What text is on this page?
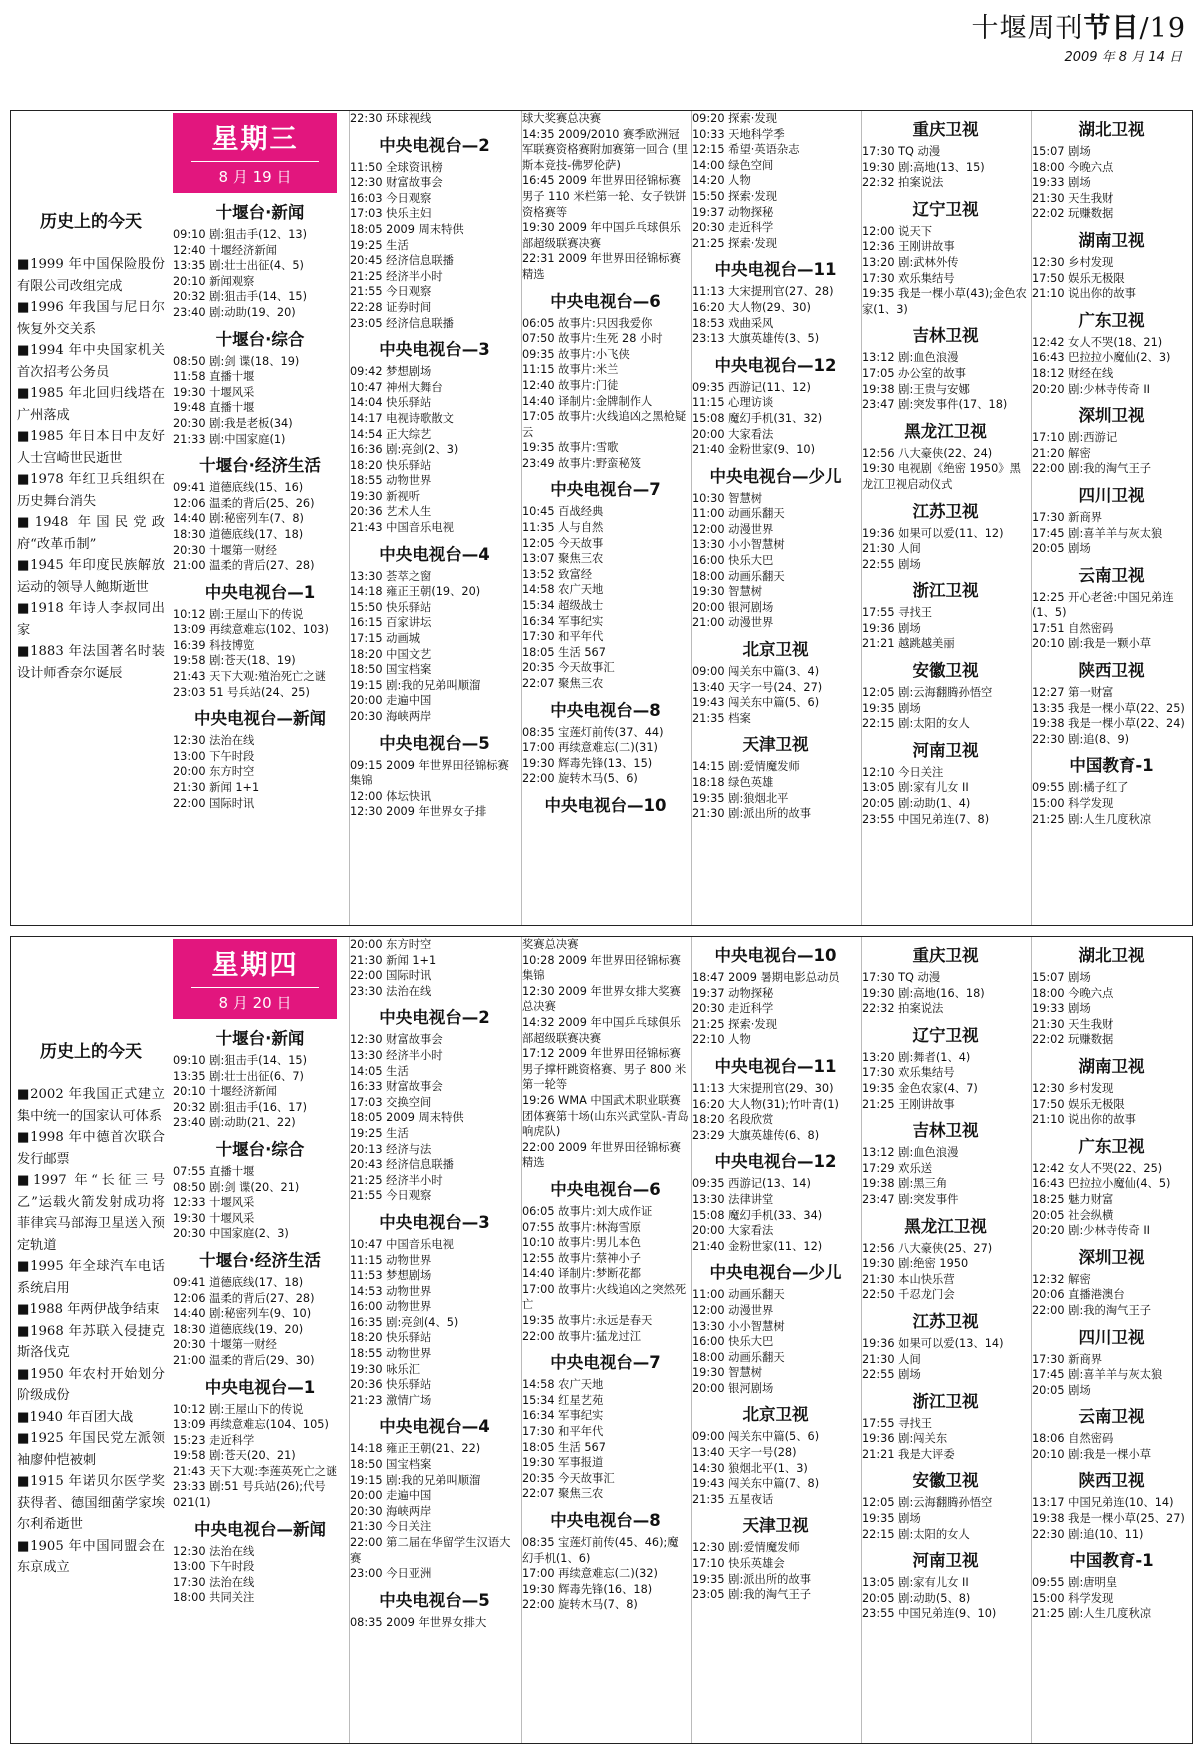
十堰周刊节目/19
2009 年 8 月 14 日
历史上的今天
■1999 年中国保险股份有限公司改组完成
■1996 年我国与尼日尔恢复外交关系
■1994 年中央国家机关首次招考公务员
■1985 年北回归线塔在广州落成
■1985 年日本日中友好人士宫崎世民逝世
■1978 年红卫兵组织在历史舞台消失
■1948 年国民党政府“改革币制”
■1945 年印度民族解放运动的领导人鲍斯逝世
■1918 年诗人李叔同出家
■1883 年法国著名时装设计师香奈尔诞辰
星期三
8 月 19 日
十堰台·新闻
09:10 剧:狙击手(12、13)
12:40 十堰经济新闻
13:35 剧:壮士出征(4、5)
20:10 新闻观察
20:32 剧:狙击手(14、15)
23:40 剧:动助(19、20)
十堰台·综合
08:50 剧:剑 谍(18、19)
11:58 直播十堰
19:30 十堰风采
19:48 直播十堰
20:30 剧:我是老板(34)
21:33 剧:中国家庭(1)
十堰台·经济生活
09:41 道德底线(15、16)
12:06 温柔的背后(25、26)
14:40 剧:秘密列车(7、8)
18:30 道德底线(17、18)
20:30 十堰第一财经
21:00 温柔的背后(27、28)
中央电视台—1
10:12 剧:王屋山下的传说
13:09 再续意难忘(102、103)
16:39 科技博览
19:58 剧:苍天(18、19)
21:43 天下大观:殖治死亡之谜
23:03 51 号兵站(24、25)
中央电视台—新闻
12:30 法治在线
13:00 下午时段
20:00 东方时空
21:30 新闻 1+1
22:00 国际时讯
22:30 环球视线
中央电视台—2
11:50 全球资讯榜
12:30 财富故事会
16:03 今日观察
17:03 快乐主妇
18:05 2009 周末特供
19:25 生活
20:45 经济信息联播
21:25 经济半小时
21:55 今日观察
22:28 证券时间
23:05 经济信息联播
中央电视台—3
09:42 梦想剧场
10:47 神州大舞台
14:04 快乐驿站
14:17 电视诗歌散文
14:54 正大综艺
16:36 剧:亮剑(2、3)
18:20 快乐驿站
18:55 动物世界
19:30 新视听
20:36 艺术人生
21:43 中国音乐电视
中央电视台—4
13:30 荟萃之窗
14:18 雍正王朝(19、20)
15:50 快乐驿站
16:15 百家讲坛
17:15 动画城
18:20 中国文艺
18:50 国宝档案
19:15 剧:我的兄弟叫顺溜
20:00 走遍中国
20:30 海峡两岸
中央电视台—5
09:15 2009 年世界田径锦标赛集锦
12:00 体坛快讯
12:30 2009 年世界女子排
球大奖赛总决赛
14:35 2009/2010 赛季欧洲冠军联赛资格赛附加赛第一回合 (里斯本竞技-佛罗伦萨)
16:45 2009 年世界田径锦标赛男子 110 米栏第一轮、女子铁饼资格赛等
19:30 2009 年中国乒乓球俱乐部超级联赛决赛
22:31 2009 年世界田径锦标赛精选
中央电视台—6
06:05 故事片:只因我爱你
07:50 故事片:生死 28 小时
09:35 故事片:小飞侠
11:15 故事片:米兰
12:40 故事片:门徒
14:40 译制片:金牌制作人
17:05 故事片:火线追凶之黑枪疑云
19:35 故事片:雪歌
23:49 故事片:野蛮秘笈
中央电视台—7
10:45 百战经典
11:35 人与自然
12:05 今天故事
13:07 聚焦三农
13:52 致富经
14:58 农广天地
15:34 超级战士
16:34 军事纪实
17:30 和平年代
18:05 生活 567
20:35 今天故事汇
22:07 聚焦三农
中央电视台—8
08:35 宝莲灯前传(37、44)
17:00 再续意难忘(二)(31)
19:30 辉毒先锋(13、15)
22:00 旋转木马(5、6)
中央电视台—10
09:20 探索·发现
10:33 天地科学季
12:15 希望·英语杂志
14:00 绿色空间
14:20 人物
15:50 探索·发现
19:37 动物探秘
20:30 走近科学
21:25 探索·发现
中央电视台—11
11:13 大宋提刑官(27、28)
16:20 大人物(29、30)
18:53 戏曲采风
23:13 大旗英雄传(3、5)
中央电视台—12
09:35 西游记(11、12)
11:15 心理访谈
15:08 魔幻手机(31、32)
20:00 大家看法
21:40 金粉世家(9、10)
中央电视台—少儿
10:30 智慧树
11:00 动画乐翻天
12:00 动漫世界
13:30 小小智慧树
16:00 快乐大巴
18:00 动画乐翻天
19:30 智慧树
20:00 银河剧场
21:00 动漫世界
北京卫视
09:00 闯关东中篇(3、4)
13:40 天字一号(24、27)
19:43 闯关东中篇(5、6)
21:35 档案
天津卫视
14:15 剧:爱情魔发师
18:18 绿色英雄
19:35 剧:狼烟北平
21:30 剧:派出所的故事
重庆卫视
17:30 TQ 动漫
19:30 剧:高地(13、15)
22:32 拍案说法
辽宁卫视
12:00 说天下
12:36 王刚讲故事
13:20 剧:武林外传
17:30 欢乐集结号
19:35 我是一棵小草(43);金色农家(1、3)
吉林卫视
13:12 剧:血色浪漫
17:05 办公室的故事
19:38 剧:王贵与安娜
23:47 剧:突发事件(17、18)
黑龙江卫视
12:56 八大豪侠(22、24)
19:30 电视剧《绝密 1950》黑龙江卫视启动仪式
江苏卫视
19:36 如果可以爱(11、12)
21:30 人间
22:55 剧场
浙江卫视
17:55 寻找王
19:36 剧场
21:21 越跳越美丽
安徽卫视
12:05 剧:云海翻腾孙悟空
19:35 剧场
22:15 剧:太阳的女人
河南卫视
12:10 今日关注
13:05 剧:家有儿女 II
20:05 剧:动助(1、4)
23:55 中国兄弟连(7、8)
湖北卫视
15:07 剧场
18:00 今晚六点
19:33 剧场
21:30 天生我财
22:02 玩赚数据
湖南卫视
12:30 乡村发现
17:50 娱乐无极限
21:10 说出你的故事
广东卫视
12:42 女人不哭(18、21)
16:43 巴拉拉小魔仙(2、3)
18:12 财经在线
20:20 剧:少林寺传奇 II
深圳卫视
17:10 剧:西游记
21:20 解密
22:00 剧:我的淘气王子
四川卫视
17:30 新商界
17:45 剧:喜羊羊与灰太狼
20:05 剧场
云南卫视
12:25 开心老爸:中国兄弟连(1、5)
17:51 自然密码
20:10 剧:我是一颗小草
陕西卫视
12:27 第一财富
13:35 我是一棵小草(22、25)
19:38 我是一棵小草(22、24)
22:30 剧:追(8、9)
中国教育-1
09:55 剧:橘子红了
15:00 科学发现
21:25 剧:人生几度秋凉
历史上的今天
■2002 年我国正式建立集中统一的国家认可体系
■1998 年中德首次联合发行邮票
■1997 年“长征三号乙”运载火箭发射成功将菲律宾马部海卫星送入预定轨道
■1995 年全球汽车电话系统启用
■1988 年两伊战争结束
■1968 年苏联入侵捷克斯洛伐克
■1950 年农村开始划分阶级成份
■1940 年百团大战
■1925 年国民党左派领袖廖仲恺被刺
■1915 年诺贝尔医学奖获得者、德国细菌学家埃尔利希逝世
■1905 年中国同盟会在东京成立
星期四
8 月 20 日
十堰台·新闻
09:10 剧:狙击手(14、15)
13:35 剧:壮士出征(6、7)
20:10 十堰经济新闻
20:32 剧:狙击手(16、17)
23:40 剧:动助(21、22)
十堰台·综合
07:55 直播十堰
08:50 剧:剑 谍(20、21)
12:33 十堰风采
19:30 十堰风采
20:30 中国家庭(2、3)
十堰台·经济生活
09:41 道德底线(17、18)
12:06 温柔的背后(27、28)
14:40 剧:秘密列车(9、10)
18:30 道德底线(19、20)
20:30 十堰第一财经
21:00 温柔的背后(29、30)
中央电视台—1
10:12 剧:王屋山下的传说
13:09 再续意难忘(104、105)
15:23 走近科学
19:58 剧:苍天(20、21)
21:43 天下大观:李莲英死亡之谜
23:33 剧:51 号兵站(26);代号 021(1)
中央电视台—新闻
12:30 法治在线
13:00 下午时段
17:30 法治在线
18:00 共同关注
20:00 东方时空
21:30 新闻 1+1
22:00 国际时讯
23:30 法治在线
中央电视台—2
12:30 财富故事会
13:30 经济半小时
14:05 生活
16:33 财富故事会
17:03 交换空间
18:05 2009 周末特供
19:25 生活
20:13 经济与法
20:43 经济信息联播
21:25 经济半小时
21:55 今日观察
中央电视台—3
10:47 中国音乐电视
11:15 动物世界
11:53 梦想剧场
14:53 动物世界
16:00 动物世界
16:35 剧:亮剑(4、5)
18:20 快乐驿站
18:55 动物世界
19:30 咏乐汇
20:36 快乐驿站
21:23 激情广场
中央电视台—4
14:18 雍正王朝(21、22)
18:50 国宝档案
19:15 剧:我的兄弟叫顺溜
20:00 走遍中国
20:30 海峡两岸
21:30 今日关注
22:00 第二届在华留学生汉语大赛
23:00 今日亚洲
中央电视台—5
08:35 2009 年世界女排大
奖赛总决赛
10:28 2009 年世界田径锦标赛集锦
12:30 2009 年世界女排大奖赛总决赛
14:32 2009 年中国乒乓球俱乐部超级联赛决赛
17:12 2009 年世界田径锦标赛男子撑杆跳资格赛、男子 800 米第一轮等
19:26 WMA 中国武术职业联赛团体赛第十场(山东兴武堂队-青岛响虎队)
22:00 2009 年世界田径锦标赛精选
中央电视台—6
06:05 故事片:刘大成作证
07:55 故事片:林海雪原
10:10 故事片:男儿本色
12:55 故事片:蔡神小子
14:40 译制片:梦断花都
17:00 故事片:火线追凶之突然死亡
19:35 故事片:永远是春天
22:00 故事片:猛龙过江
中央电视台—7
14:58 农广天地
15:34 红星艺苑
16:34 军事纪实
17:30 和平年代
18:05 生活 567
19:30 军事报道
20:35 今天故事汇
22:07 聚焦三农
中央电视台—8
08:35 宝莲灯前传(45、46);魔幻手机(1、6)
17:00 再续意难忘(二)(32)
19:30 辉毒先锋(16、18)
22:00 旋转木马(7、8)
中央电视台—10
18:47 2009 暑期电影总动员
19:37 动物探秘
20:30 走近科学
21:25 探索·发现
22:10 人物
中央电视台—11
11:13 大宋提刑官(29、30)
16:20 大人物(31);竹叶青(1)
18:20 名段欣赏
23:29 大旗英雄传(6、8)
中央电视台—12
09:35 西游记(13、14)
13:30 法律讲堂
15:08 魔幻手机(33、34)
20:00 大家看法
21:40 金粉世家(11、12)
中央电视台—少儿
11:00 动画乐翻天
12:00 动漫世界
13:30 小小智慧树
16:00 快乐大巴
18:00 动画乐翻天
19:30 智慧树
20:00 银河剧场
北京卫视
09:00 闯关东中篇(5、6)
13:40 天字一号(28)
14:30 狼烟北平(1、3)
19:43 闯关东中篇(7、8)
21:35 五星夜话
天津卫视
12:30 剧:爱情魔发师
17:10 快乐英雄会
19:35 剧:派出所的故事
23:05 剧:我的淘气王子
重庆卫视
17:30 TQ 动漫
19:30 剧:高地(16、18)
22:32 拍案说法
辽宁卫视
13:20 剧:舞者(1、4)
17:30 欢乐集结号
19:35 金色农家(4、7)
21:25 王刚讲故事
吉林卫视
13:12 剧:血色浪漫
17:29 欢乐送
19:38 剧:黑三角
23:47 剧:突发事件
黑龙江卫视
12:56 八大豪侠(25、27)
19:30 剧:绝密 1950
21:30 本山快乐营
22:50 千忍龙门会
江苏卫视
19:36 如果可以爱(13、14)
21:30 人间
22:55 剧场
浙江卫视
17:55 寻找王
19:36 剧:闯关东
21:21 我是大评委
安徽卫视
12:05 剧:云海翻腾孙悟空
19:35 剧场
22:15 剧:太阳的女人
河南卫视
13:05 剧:家有儿女 II
20:05 剧:动助(5、8)
23:55 中国兄弟连(9、10)
湖北卫视
15:07 剧场
18:00 今晚六点
19:33 剧场
21:30 天生我财
22:02 玩赚数据
湖南卫视
12:30 乡村发现
17:50 娱乐无极限
21:10 说出你的故事
广东卫视
12:42 女人不哭(22、25)
16:43 巴拉拉小魔仙(4、5)
18:25 魅力财富
20:05 社会纵横
20:20 剧:少林寺传奇 II
深圳卫视
12:32 解密
20:06 直播港澳台
22:00 剧:我的淘气王子
四川卫视
17:30 新商界
17:45 剧:喜羊羊与灰太狼
20:05 剧场
云南卫视
18:06 自然密码
20:10 剧:我是一棵小草
陕西卫视
13:17 中国兄弟连(10、14)
19:38 我是一棵小草(25、27)
22:30 剧:追(10、11)
中国教育-1
09:55 剧:唐明皇
15:00 科学发现
21:25 剧:人生几度秋凉
